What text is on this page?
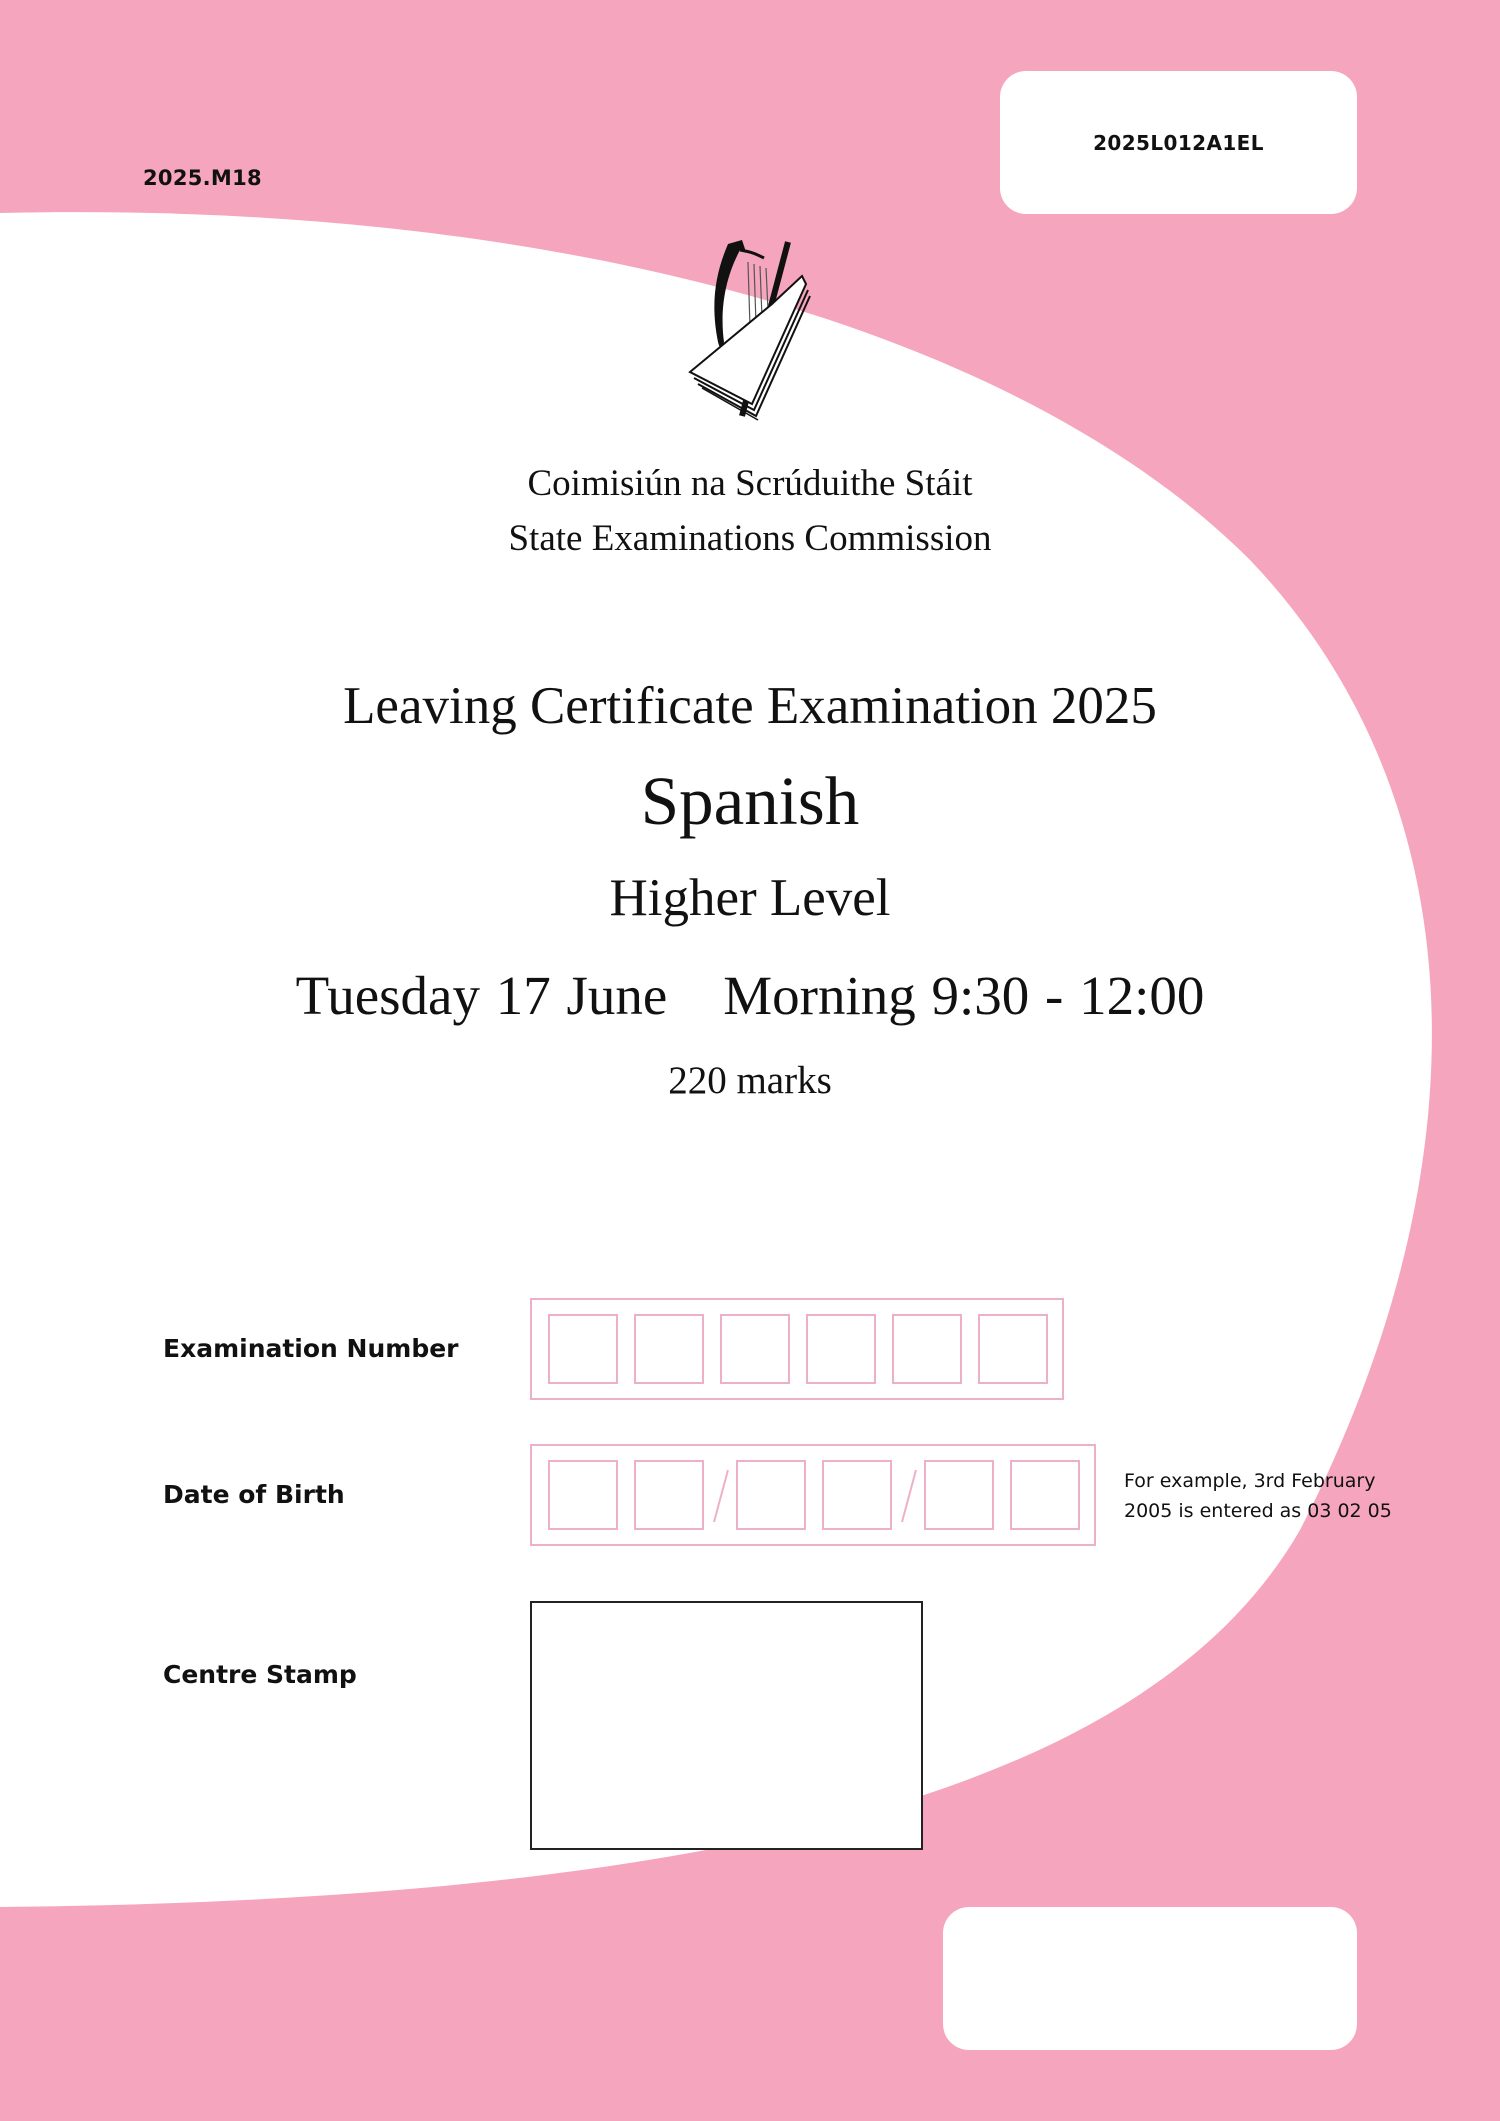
2025.M18
2025L012A1EL
Coimisiún na Scrúduithe Stáit
State Examinations Commission
Leaving Certificate Examination 2025
Spanish
Higher Level
Tuesday 17 June Morning 9:30 - 12:00
220 marks
Examination Number
Date of Birth	For example, 3rd February
2005 is entered as 03 02 05
Centre Stamp
